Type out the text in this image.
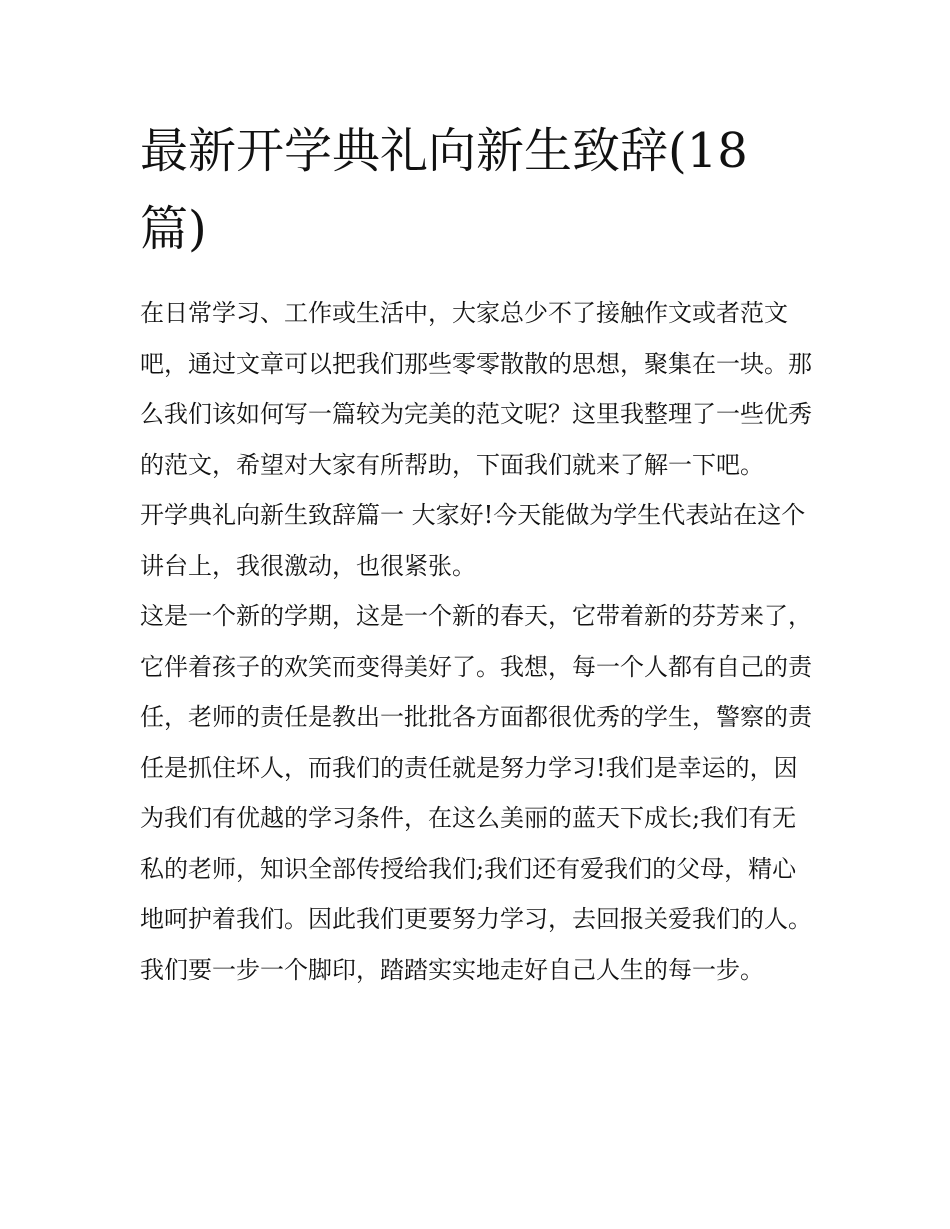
最新开学典礼向新生致辞(18篇)

在日常学习、工作或生活中，大家总少不了接触作文或者范文吧，通过文章可以把我们那些零零散散的思想，聚集在一块。那么我们该如何写一篇较为完美的范文呢？这里我整理了一些优秀的范文，希望对大家有所帮助，下面我们就来了解一下吧。

开学典礼向新生致辞篇一 大家好!今天能做为学生代表站在这个讲台上，我很激动，也很紧张。

这是一个新的学期，这是一个新的春天，它带着新的芬芳来了，它伴着孩子的欢笑而变得美好了。我想，每一个人都有自己的责任，老师的责任是教出一批批各方面都很优秀的学生，警察的责任是抓住坏人，而我们的责任就是努力学习!我们是幸运的，因为我们有优越的学习条件，在这么美丽的蓝天下成长;我们有无私的老师，知识全部传授给我们;我们还有爱我们的父母，精心地呵护着我们。因此我们更要努力学习，去回报关爱我们的人。我们要一步一个脚印，踏踏实实地走好自己人生的每一步。
